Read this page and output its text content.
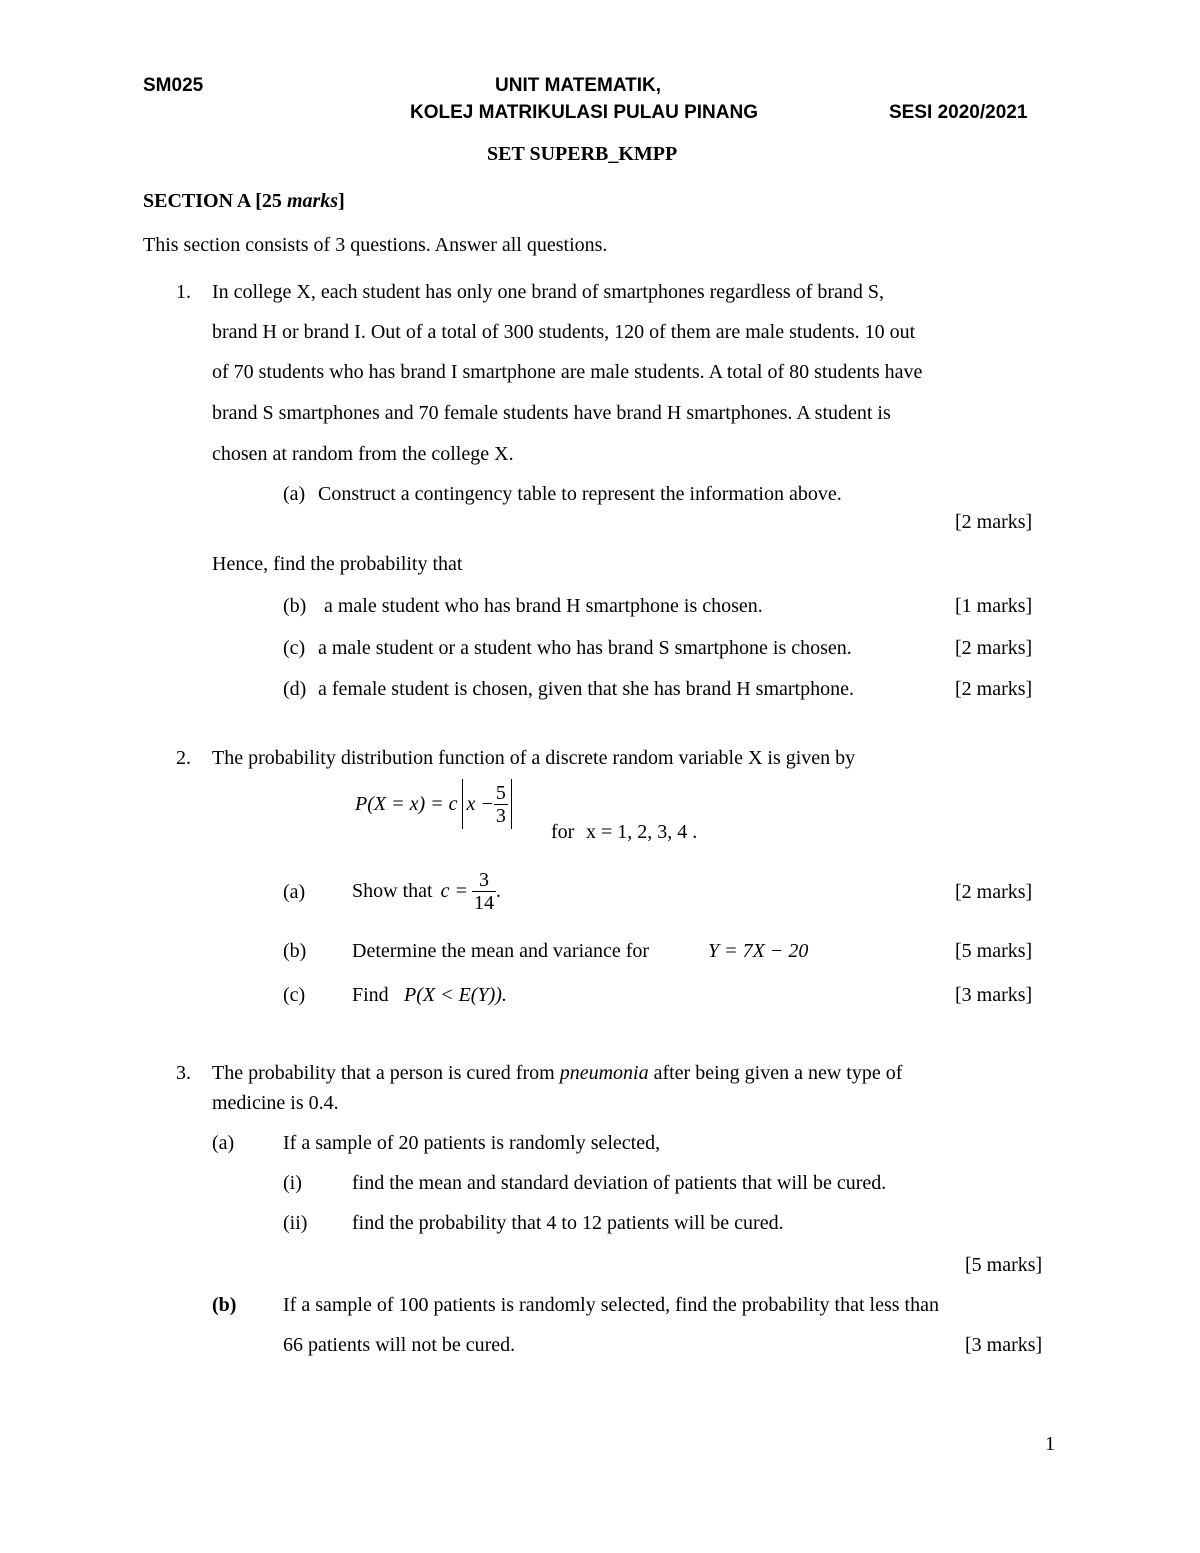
SM025	UNIT MATEMATIK,
KOLEJ MATRIKULASI PULAU PINANG	SESI 2020/2021
SET SUPERB_KMPP
SECTION A [25 marks]
This section consists of 3 questions. Answer all questions.
1. In college X, each student has only one brand of smartphones regardless of brand S,
brand H or brand I. Out of a total of 300 students, 120 of them are male students. 10 out
of 70 students who has brand I smartphone are male students. A total of 80 students have
brand S smartphones and 70 female students have brand H smartphones. A student is
chosen at random from the college X.
(a) Construct a contingency table to represent the information above.
[2 marks]
Hence, find the probability that
(b) a male student who has brand H smartphone is chosen.	[1 marks]
(c) a male student or a student who has brand S smartphone is chosen.	[2 marks]
(d) a female student is chosen, given that she has brand H smartphone.	[2 marks]
2. The probability distribution function of a discrete random variable X is given by
P(X = x) = c $x - \frac{5}{3}$
for x = 1, 2, 3, 4 .
(a) Show that $c = \frac{3}{14}$ .	[2 marks]
(b) Determine the mean and variance for	Y = 7X − 20	[5 marks]
(c) Find P(X < E(Y)).	[3 marks]
3. The probability that a person is cured from pneumonia after being given a new type of
medicine is 0.4.
(a) If a sample of 20 patients is randomly selected,
(i)	find the mean and standard deviation of patients that will be cured.
(ii) find the probability that 4 to 12 patients will be cured.
[5 marks]
(b) If a sample of 100 patients is randomly selected, find the probability that less than
66 patients will not be cured.	[3 marks]
1
